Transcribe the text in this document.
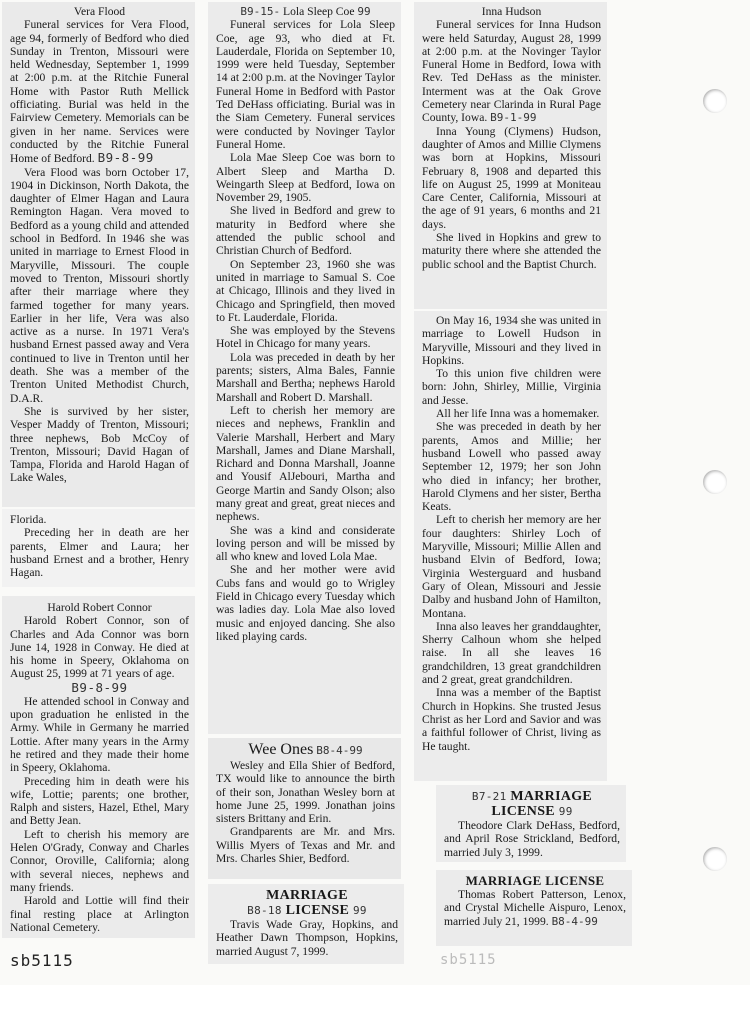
Vera Flood

Funeral services for Vera Flood, age 94, formerly of Bedford who died Sunday in Trenton, Missouri were held Wednesday, September 1, 1999 at 2:00 p.m. at the Ritchie Funeral Home with Pastor Ruth Mellick officiating. Burial was held in the Fairview Cemetery. Memorials can be given in her name. Services were conducted by the Ritchie Funeral Home of Bedford. B9-8-99

Vera Flood was born October 17, 1904 in Dickinson, North Dakota, the daughter of Elmer Hagan and Laura Remington Hagan. Vera moved to Bedford as a young child and attended school in Bedford. In 1946 she was united in marriage to Ernest Flood in Maryville, Missouri. The couple moved to Trenton, Missouri shortly after their marriage where they farmed together for many years. Earlier in her life, Vera was also active as a nurse. In 1971 Vera's husband Ernest passed away and Vera continued to live in Trenton until her death. She was a member of the Trenton United Methodist Church, D.A.R.

She is survived by her sister, Vesper Maddy of Trenton, Missouri; three nephews, Bob McCoy of Trenton, Missouri; David Hagan of Tampa, Florida and Harold Hagan of Lake Wales,

Florida.

Preceding her in death are her parents, Elmer and Laura; her husband Ernest and a brother, Henry Hagan.

Harold Robert Connor

Harold Robert Connor, son of Charles and Ada Connor was born June 14, 1928 in Conway. He died at his home in Speery, Oklahoma on August 25, 1999 at 71 years of age.

B9-8-99

He attended school in Conway and upon graduation he enlisted in the Army. While in Germany he married Lottie. After many years in the Army he retired and they made their home in Speery, Oklahoma.

Preceding him in death were his wife, Lottie; parents; one brother, Ralph and sisters, Hazel, Ethel, Mary and Betty Jean.

Left to cherish his memory are Helen O'Grady, Conway and Charles Connor, Oroville, California; along with several nieces, nephews and many friends.

Harold and Lottie will find their final resting place at Arlington National Cemetery.

B9-15- Lola Sleep Coe 99

Funeral services for Lola Sleep Coe, age 93, who died at Ft. Lauderdale, Florida on September 10, 1999 were held Tuesday, September 14 at 2:00 p.m. at the Novinger Taylor Funeral Home in Bedford with Pastor Ted DeHass officiating. Burial was in the Siam Cemetery. Funeral services were conducted by Novinger Taylor Funeral Home.

Lola Mae Sleep Coe was born to Albert Sleep and Martha D. Weingarth Sleep at Bedford, Iowa on November 29, 1905.

She lived in Bedford and grew to maturity in Bedford where she attended the public school and Christian Church of Bedford.

On September 23, 1960 she was united in marriage to Samual S. Coe at Chicago, Illinois and they lived in Chicago and Springfield, then moved to Ft. Lauderdale, Florida.

She was employed by the Stevens Hotel in Chicago for many years.

Lola was preceded in death by her parents; sisters, Alma Bales, Fannie Marshall and Bertha; nephews Harold Marshall and Robert D. Marshall.

Left to cherish her memory are nieces and nephews, Franklin and Valerie Marshall, Herbert and Mary Marshall, James and Diane Marshall, Richard and Donna Marshall, Joanne and Yousif AlJebouri, Martha and George Martin and Sandy Olson; also many great and great, great nieces and nephews.

She was a kind and considerate loving person and will be missed by all who knew and loved Lola Mae.

She and her mother were avid Cubs fans and would go to Wrigley Field in Chicago every Tuesday which was ladies day. Lola Mae also loved music and enjoyed dancing. She also liked playing cards.

Wee Ones B8-4-99

Wesley and Ella Shier of Bedford, TX would like to announce the birth of their son, Jonathan Wesley born at home June 25, 1999. Jonathan joins sisters Brittany and Erin.

Grandparents are Mr. and Mrs. Willis Myers of Texas and Mr. and Mrs. Charles Shier, Bedford.

MARRIAGE
B8-18 LICENSE 99

Travis Wade Gray, Hopkins, and Heather Dawn Thompson, Hopkins, married August 7, 1999.

Inna Hudson

Funeral services for Inna Hudson were held Saturday, August 28, 1999 at 2:00 p.m. at the Novinger Taylor Funeral Home in Bedford, Iowa with Rev. Ted DeHass as the minister. Interment was at the Oak Grove Cemetery near Clarinda in Rural Page County, Iowa. B9-1-99

Inna Young (Clymens) Hudson, daughter of Amos and Millie Clymens was born at Hopkins, Missouri February 8, 1908 and departed this life on August 25, 1999 at Moniteau Care Center, California, Missouri at the age of 91 years, 6 months and 21 days.

She lived in Hopkins and grew to maturity there where she attended the public school and the Baptist Church.

On May 16, 1934 she was united in marriage to Lowell Hudson in Maryville, Missouri and they lived in Hopkins.

To this union five children were born: John, Shirley, Millie, Virginia and Jesse.

All her life Inna was a homemaker.

She was preceded in death by her parents, Amos and Millie; her husband Lowell who passed away September 12, 1979; her son John who died in infancy; her brother, Harold Clymens and her sister, Bertha Keats.

Left to cherish her memory are her four daughters: Shirley Loch of Maryville, Missouri; Millie Allen and husband Elvin of Bedford, Iowa; Virginia Westerguard and husband Gary of Olean, Missouri and Jessie Dalby and husband John of Hamilton, Montana.

Inna also leaves her granddaughter, Sherry Calhoun whom she helped raise. In all she leaves 16 grandchildren, 13 great grandchildren and 2 great, great grandchildren.

Inna was a member of the Baptist Church in Hopkins. She trusted Jesus Christ as her Lord and Savior and was a faithful follower of Christ, living as He taught.

B7-21 MARRIAGE
LICENSE 99

Theodore Clark DeHass, Bedford, and April Rose Strickland, Bedford, married July 3, 1999.

MARRIAGE LICENSE

Thomas Robert Patterson, Lenox, and Crystal Michelle Aispuro, Lenox, married July 21, 1999. B8-4-99

sb5115	sb5115
